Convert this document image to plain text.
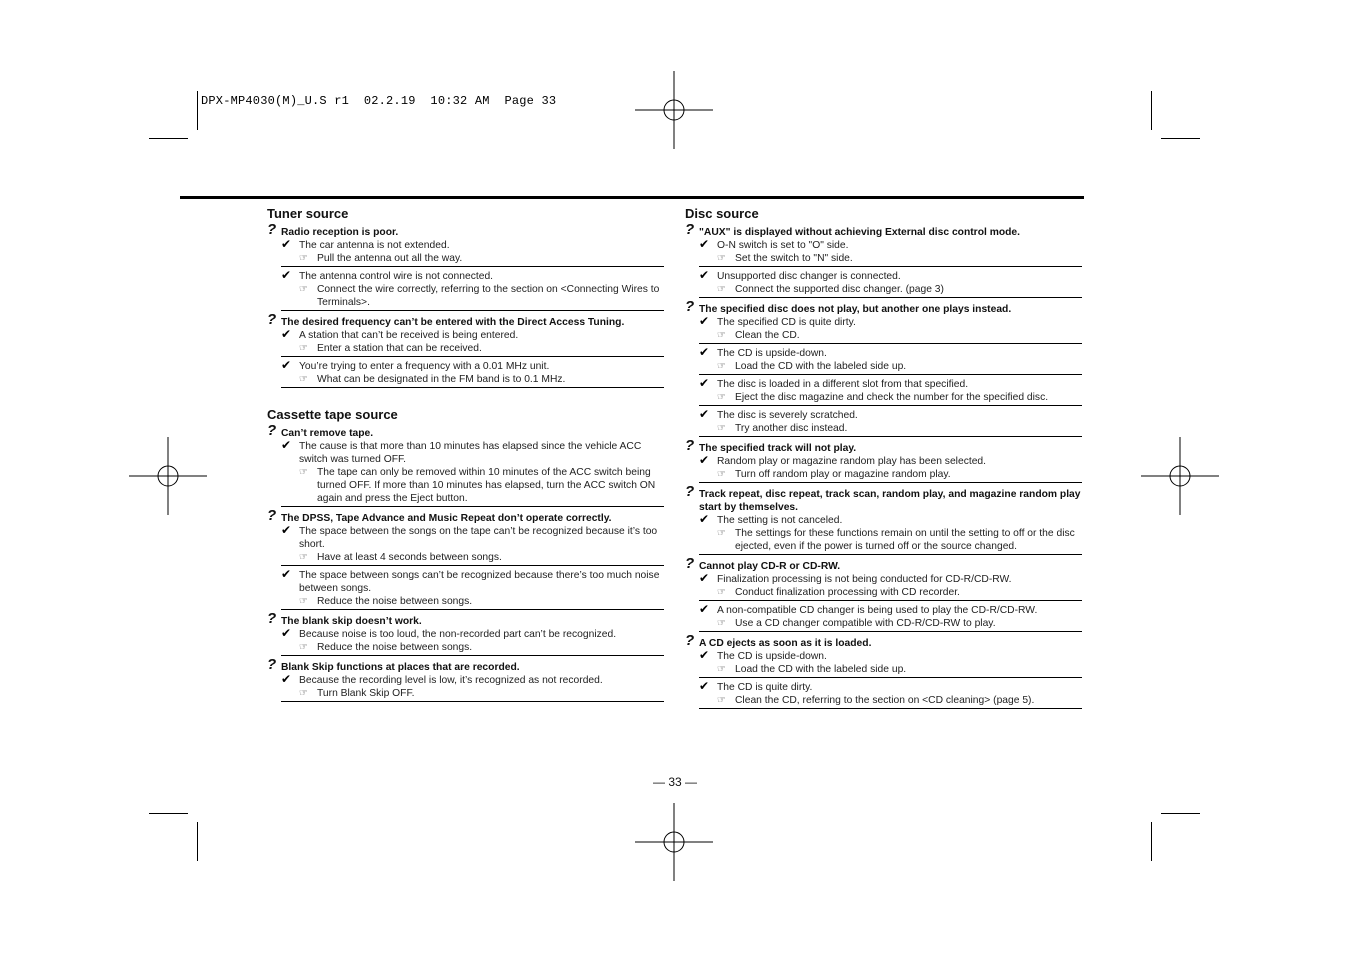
DPX-MP4030(M)_U.S r1  02.2.19  10:32 AM  Page 33
Tuner source
? Radio reception is poor.
✔ The car antenna is not extended.
☞ Pull the antenna out all the way.
✔ The antenna control wire is not connected.
☞ Connect the wire correctly, referring to the section on <Connecting Wires to Terminals>.
? The desired frequency can’t be entered with the Direct Access Tuning.
✔ A station that can’t be received is being entered.
☞ Enter a station that can be received.
✔ You’re trying to enter a frequency with a 0.01 MHz unit.
☞ What can be designated in the FM band is to 0.1 MHz.
Cassette tape source
? Can’t remove tape.
✔ The cause is that more than 10 minutes has elapsed since the vehicle ACC switch was turned OFF.
☞ The tape can only be removed within 10 minutes of the ACC switch being turned OFF. If more than 10 minutes has elapsed, turn the ACC switch ON again and press the Eject button.
? The DPSS, Tape Advance and Music Repeat don’t operate correctly.
✔ The space between the songs on the tape can’t be recognized because it’s too short.
☞ Have at least 4 seconds between songs.
✔ The space between songs can’t be recognized because there’s too much noise between songs.
☞ Reduce the noise between songs.
? The blank skip doesn’t work.
✔ Because noise is too loud, the non-recorded part can’t be recognized.
☞ Reduce the noise between songs.
? Blank Skip functions at places that are recorded.
✔ Because the recording level is low, it’s recognized as not recorded.
☞ Turn Blank Skip OFF.
Disc source
? "AUX" is displayed without achieving External disc control mode.
✔ O-N switch is set to "O" side.
☞ Set the switch to "N" side.
✔ Unsupported disc changer is connected.
☞ Connect the supported disc changer. (page 3)
? The specified disc does not play, but another one plays instead.
✔ The specified CD is quite dirty.
☞ Clean the CD.
✔ The CD is upside-down.
☞ Load the CD with the labeled side up.
✔ The disc is loaded in a different slot from that specified.
☞ Eject the disc magazine and check the number for the specified disc.
✔ The disc is severely scratched.
☞ Try another disc instead.
? The specified track will not play.
✔ Random play or magazine random play has been selected.
☞ Turn off random play or magazine random play.
? Track repeat, disc repeat, track scan, random play, and magazine random play start by themselves.
✔ The setting is not canceled.
☞ The settings for these functions remain on until the setting to off or the disc ejected, even if the power is turned off or the source changed.
? Cannot play CD-R or CD-RW.
✔ Finalization processing is not being conducted for CD-R/CD-RW.
☞ Conduct finalization processing with CD recorder.
✔ A non-compatible CD changer is being used to play the CD-R/CD-RW.
☞ Use a CD changer compatible with CD-R/CD-RW to play.
? A CD ejects as soon as it is loaded.
✔ The CD is upside-down.
☞ Load the CD with the labeled side up.
✔ The CD is quite dirty.
☞ Clean the CD, referring to the section on <CD cleaning> (page 5).
— 33 —
